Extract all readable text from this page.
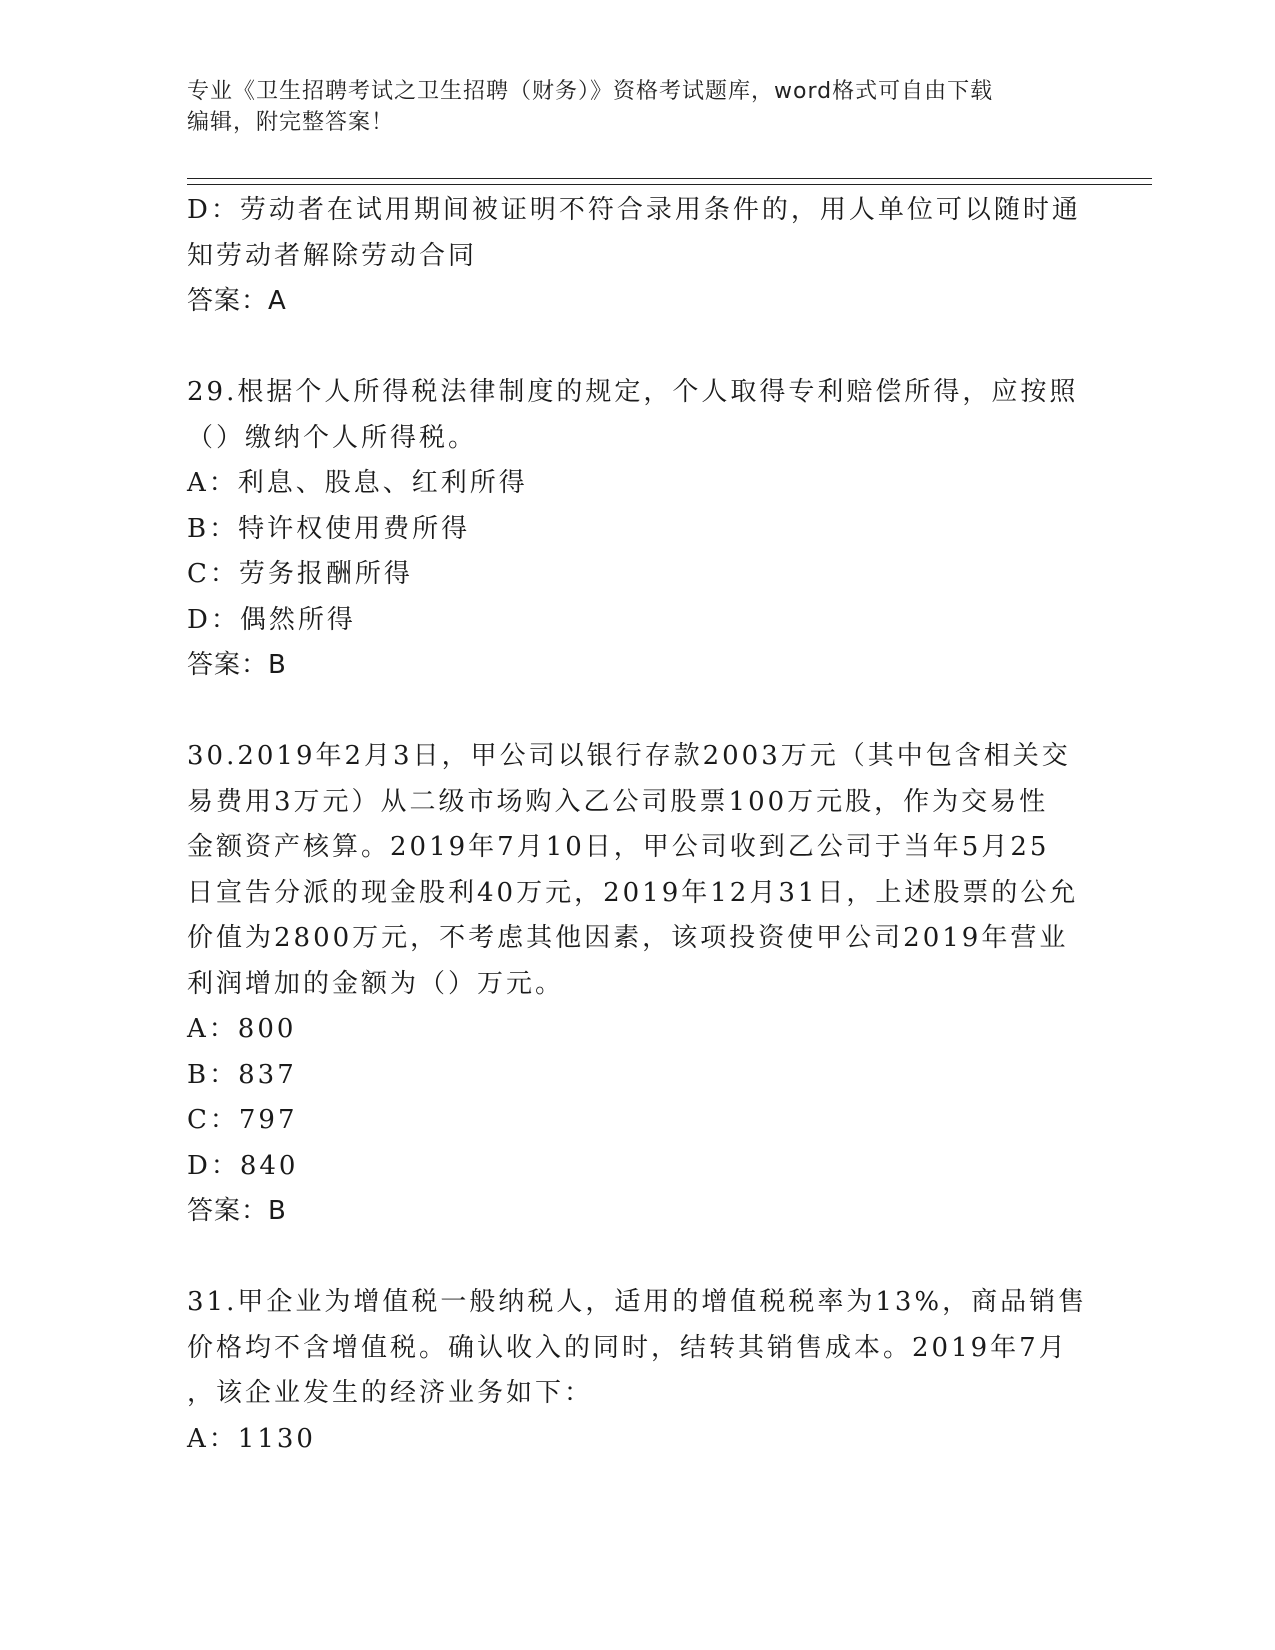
专业《卫生招聘考试之卫生招聘（财务）》资格考试题库，word格式可自由下载
编辑，附完整答案！
D：劳动者在试用期间被证明不符合录用条件的，用人单位可以随时通
知劳动者解除劳动合同
答案：A
29.根据个人所得税法律制度的规定，个人取得专利赔偿所得，应按照
（）缴纳个人所得税。
A：利息、股息、红利所得
B：特许权使用费所得
C：劳务报酬所得
D：偶然所得
答案：B
30.2019年2月3日，甲公司以银行存款2003万元（其中包含相关交
易费用3万元）从二级市场购入乙公司股票100万元股，作为交易性
金额资产核算。2019年7月10日，甲公司收到乙公司于当年5月25
日宣告分派的现金股利40万元，2019年12月31日，上述股票的公允
价值为2800万元，不考虑其他因素，该项投资使甲公司2019年营业
利润增加的金额为（）万元。
A：800
B：837
C：797
D：840
答案：B
31.甲企业为增值税一般纳税人，适用的增值税税率为13%，商品销售
价格均不含增值税。确认收入的同时，结转其销售成本。2019年7月
，该企业发生的经济业务如下：
A：1130
